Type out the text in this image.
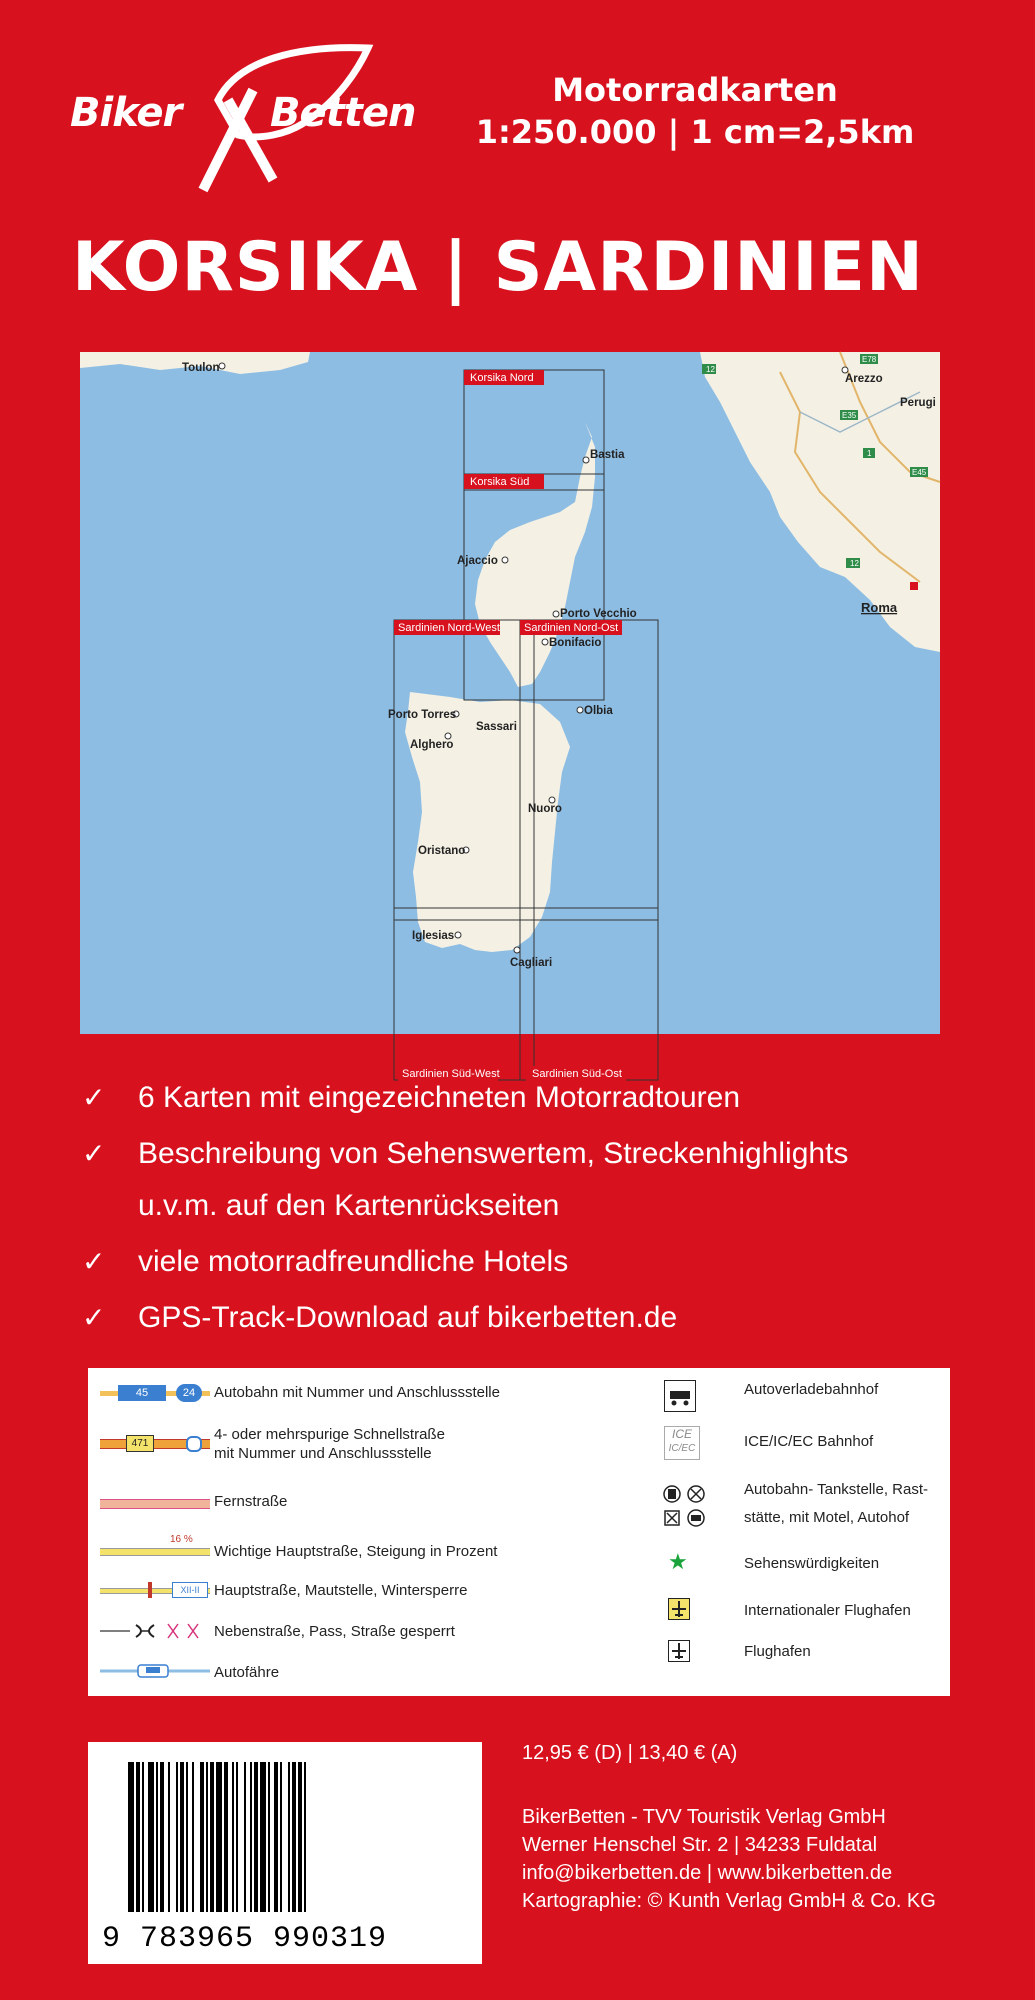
Biker Betten	Motorradkarten
1:250.000 | 1 cm=2,5km
KORSIKA | SARDINIEN
Korsika Nord
Korsika Süd
Sardinien Nord-West Sardinien Nord-Ost
Sardinien Süd-West	Sardinien Süd-Ost
E78
12
E35
1
E45
12
Toulon
Arezzo
Perugi
Bastia
Ajaccio
Porto Vecchio
Bonifacio
Roma
Porto Torres
Sassari
Olbia
Alghero
Nuoro
Oristano
Iglesias
Cagliari
✓ 6 Karten mit eingezeichneten Motorradtouren
✓ Beschreibung von Sehenswertem, Streckenhighlights
u.v.m. auf den Kartenrückseiten
✓ viele motorradfreundliche Hotels
✓ GPS-Track-Download auf bikerbetten.de
45	24	Autobahn mit Nummer und Anschlussstelle
471
4- oder mehrspurige Schnellstraße
mit Nummer und Anschlussstelle
Fernstraße
16 %
Wichtige Hauptstraße, Steigung in Prozent
XII-II Hauptstraße, Mautstelle, Wintersperre
Nebenstraße, Pass, Straße gesperrt
Autofähre
Autoverladebahnhof
ICE
IC/EC	ICE/IC/EC Bahnhof
Autobahn- Tankstelle, Rast-
stätte, mit Motel, Autohof
★	Sehenswürdigkeiten
Internationaler Flughafen
Flughafen
9 783965 990319
12,95 € (D) | 13,40 € (A)
BikerBetten - TVV Touristik Verlag GmbH
Werner Henschel Str. 2 | 34233 Fuldatal
info@bikerbetten.de | www.bikerbetten.de
Kartographie: © Kunth Verlag GmbH & Co. KG
